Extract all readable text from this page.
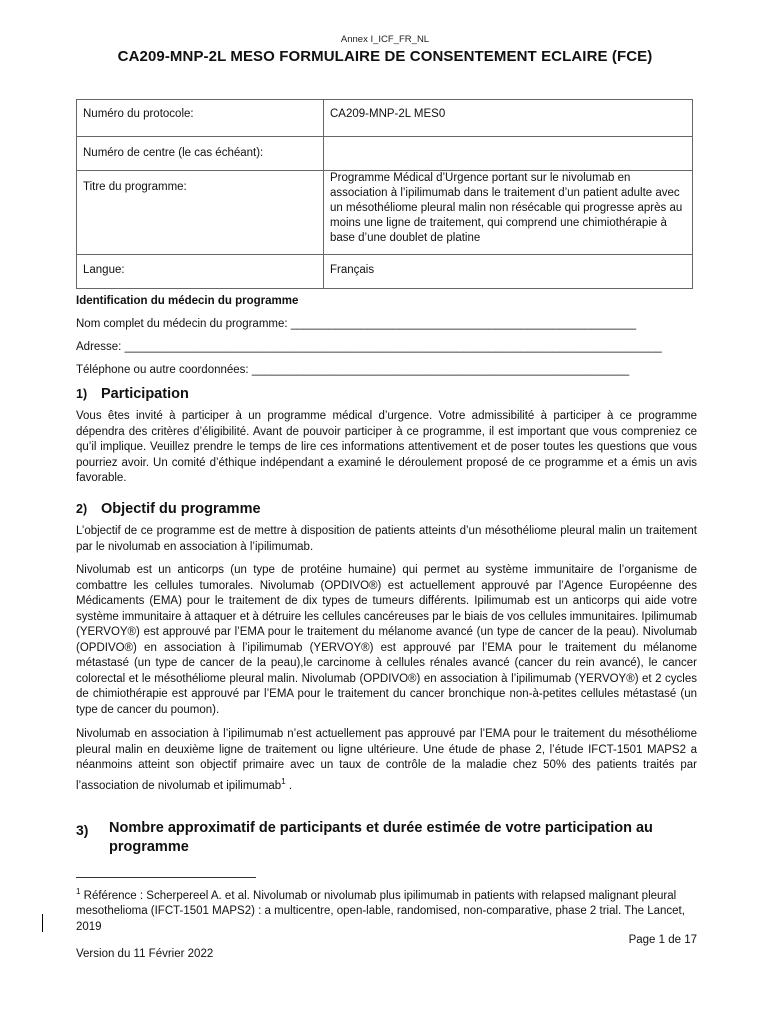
Annex I_ICF_FR_NL
CA209-MNP-2L MESO FORMULAIRE DE CONSENTEMENT ECLAIRE (FCE)
Numéro du protocole:	CA209-MNP-2L MES0
Numéro de centre (le cas échéant):	
Titre du programme:	Programme Médical d’Urgence portant sur le nivolumab en association à l’ipilimumab dans le traitement d’un patient adulte avec un mésothéliome pleural malin non résécable qui progresse après au moins une ligne de traitement, qui comprend une chimiothérapie à base d’une doublet de platine
Langue:	Français
Identification du médecin du programme
Nom complet du médecin du programme: ______________________________________________________
Adresse: ____________________________________________________________________________________
Téléphone ou autre coordonnées: ___________________________________________________________
1) Participation
Vous êtes invité à participer à un programme médical d’urgence. Votre admissibilité à participer à ce programme dépendra des critères d’éligibilité. Avant de pouvoir participer à ce programme, il est important que vous compreniez ce qu’il implique. Veuillez prendre le temps de lire ces informations attentivement et de poser toutes les questions que vous pourriez avoir. Un comité d’éthique indépendant a examiné le déroulement proposé de ce programme et a émis un avis favorable.
2) Objectif du programme
L’objectif de ce programme est de mettre à disposition de patients atteints d’un mésothéliome pleural malin un traitement par le nivolumab en association à l’ipilimumab.
Nivolumab est un anticorps (un type de protéine humaine) qui permet au système immunitaire de l’organisme de combattre les cellules tumorales. Nivolumab (OPDIVO®) est actuellement approuvé par l’Agence Européenne des Médicaments (EMA) pour le traitement de dix types de tumeurs différents. Ipilimumab est un anticorps qui aide votre système immunitaire à attaquer et à détruire les cellules cancéreuses par le biais de vos cellules immunitaires. Ipilimumab (YERVOY®) est approuvé par l’EMA pour le traitement du mélanome avancé (un type de cancer de la peau). Nivolumab (OPDIVO®) en association à l’ipilimumab (YERVOY®) est approuvé par l’EMA pour le traitement du mélanome métastasé (un type de cancer de la peau),le carcinome à cellules rénales avancé (cancer du rein avancé), le cancer colorectal et le mésothéliome pleural malin. Nivolumab (OPDIVO®) en association à l’ipilimumab (YERVOY®) et 2 cycles de chimiothérapie est approuvé par l’EMA pour le traitement du cancer bronchique non-à-petites cellules métastasé (un type de cancer du poumon).
Nivolumab en association à l’ipilimumab n’est actuellement pas approuvé par l’EMA pour le traitement du mésothéliome pleural malin en deuxième ligne de traitement ou ligne ultérieure. Une étude de phase 2, l’étude IFCT-1501 MAPS2 a néanmoins atteint son objectif primaire avec un taux de contrôle de la maladie chez 50% des patients traités par l’association de nivolumab et ipilimumab$^1$ .
3) Nombre approximatif de participants et durée estimée de votre participation au programme
$^1$ Référence : Scherpereel A. et al. Nivolumab or nivolumab plus ipilimumab in patients with relapsed malignant pleural mesothelioma (IFCT-1501 MAPS2) : a multicentre, open-lable, randomised, non-comparative, phase 2 trial. The Lancet, 2019
Page 1 de 17
Version du 11 Février 2022
